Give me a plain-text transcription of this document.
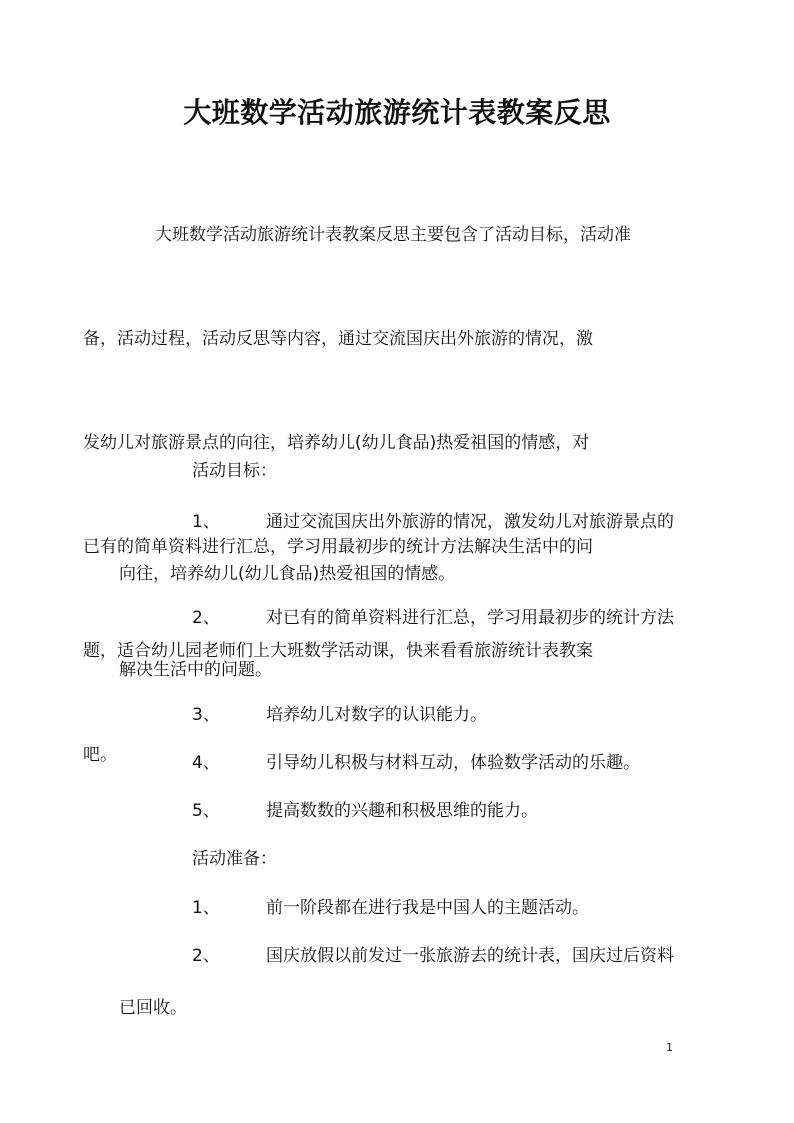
大班数学活动旅游统计表教案反思

大班数学活动旅游统计表教案反思主要包含了活动目标，活动准

备，活动过程，活动反思等内容，通过交流国庆出外旅游的情况，激

发幼儿对旅游景点的向往，培养幼儿(幼儿食品)热爱祖国的情感，对

已有的简单资料进行汇总，学习用最初步的统计方法解决生活中的问

题，适合幼儿园老师们上大班数学活动课，快来看看旅游统计表教案

吧。

活动目标：

1、	通过交流国庆出外旅游的情况，激发幼儿对旅游景点的
向往，培养幼儿(幼儿食品)热爱祖国的情感。
2、	对已有的简单资料进行汇总，学习用最初步的统计方法
解决生活中的问题。
3、	培养幼儿对数字的认识能力。
4、	引导幼儿积极与材料互动，体验数学活动的乐趣。
5、	提高数数的兴趣和积极思维的能力。

活动准备：

1、	前一阶段都在进行我是中国人的主题活动。
2、	国庆放假以前发过一张旅游去的统计表，国庆过后资料
已回收。

1
